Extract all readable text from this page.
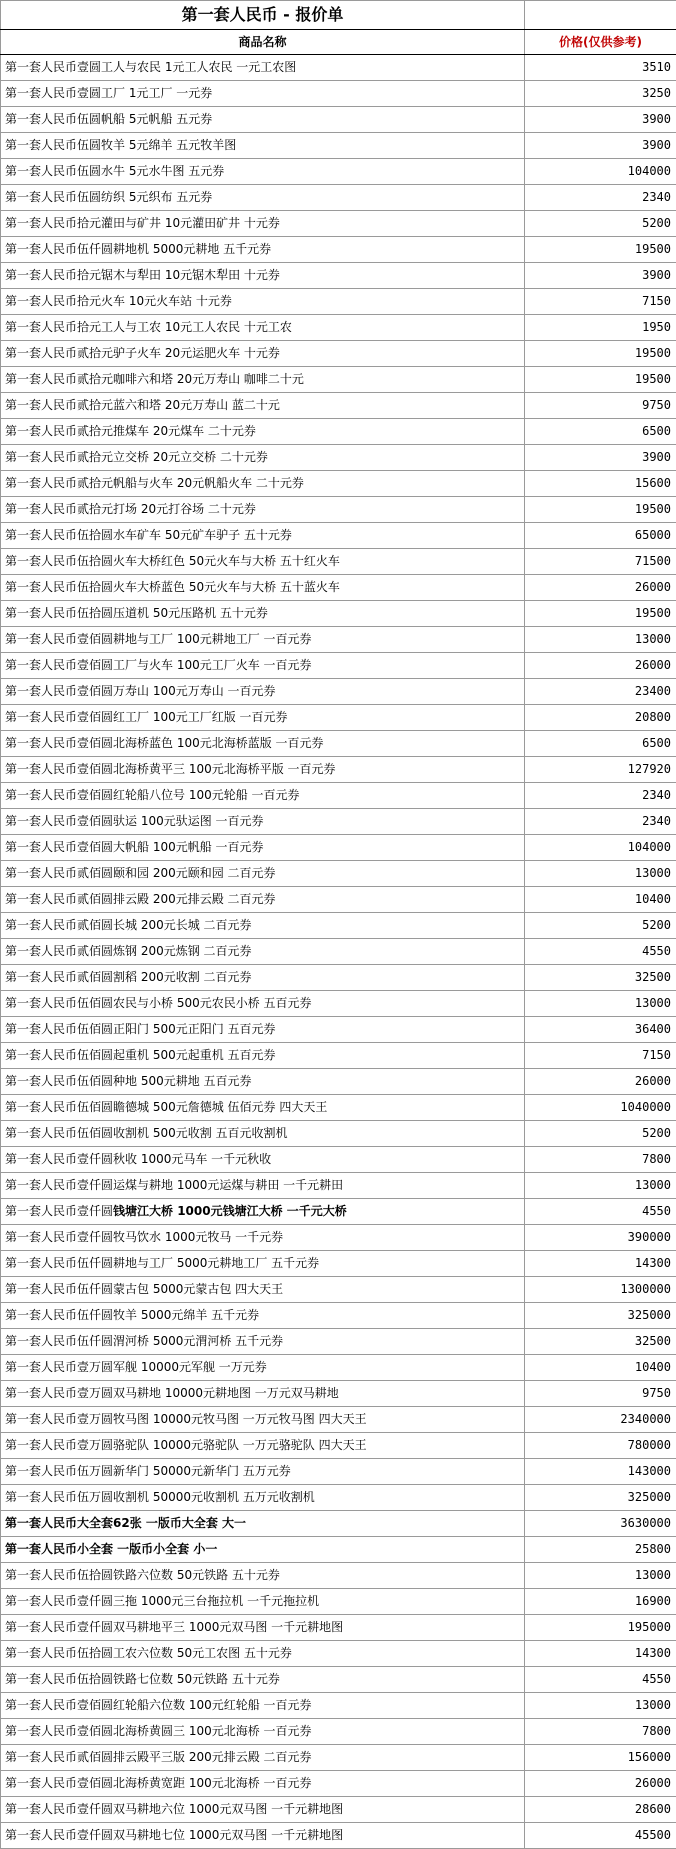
第一套人民币 - 报价单	
商品名称	价格(仅供参考)
第一套人民币壹圆工人与农民 1元工人农民 一元工农图	3510
第一套人民币壹圆工厂 1元工厂 一元券	3250
第一套人民币伍圆帆船 5元帆船 五元券	3900
第一套人民币伍圆牧羊 5元绵羊 五元牧羊图	3900
第一套人民币伍圆水牛 5元水牛图 五元券	104000
第一套人民币伍圆纺织 5元织布 五元券	2340
第一套人民币拾元灌田与矿井 10元灌田矿井 十元券	5200
第一套人民币伍仟圆耕地机 5000元耕地 五千元券	19500
第一套人民币拾元锯木与犁田 10元锯木犁田 十元券	3900
第一套人民币拾元火车 10元火车站 十元券	7150
第一套人民币拾元工人与工农 10元工人农民 十元工农	1950
第一套人民币贰拾元驴子火车 20元运肥火车 十元券	19500
第一套人民币贰拾元咖啡六和塔 20元万寿山 咖啡二十元	19500
第一套人民币贰拾元蓝六和塔 20元万寿山 蓝二十元	9750
第一套人民币贰拾元推煤车 20元煤车 二十元券	6500
第一套人民币贰拾元立交桥 20元立交桥 二十元券	3900
第一套人民币贰拾元帆船与火车 20元帆船火车 二十元券	15600
第一套人民币贰拾元打场 20元打谷场 二十元券	19500
第一套人民币伍拾圆水车矿车 50元矿车驴子 五十元券	65000
第一套人民币伍拾圆火车大桥红色 50元火车与大桥 五十红火车	71500
第一套人民币伍拾圆火车大桥蓝色 50元火车与大桥 五十蓝火车	26000
第一套人民币伍拾圆压道机 50元压路机 五十元券	19500
第一套人民币壹佰圆耕地与工厂 100元耕地工厂 一百元券	13000
第一套人民币壹佰圆工厂与火车 100元工厂火车 一百元券	26000
第一套人民币壹佰圆万寿山 100元万寿山 一百元券	23400
第一套人民币壹佰圆红工厂 100元工厂红版 一百元券	20800
第一套人民币壹佰圆北海桥蓝色 100元北海桥蓝版 一百元券	6500
第一套人民币壹佰圆北海桥黄平三 100元北海桥平版 一百元券	127920
第一套人民币壹佰圆红轮船八位号 100元轮船 一百元券	2340
第一套人民币壹佰圆驮运 100元驮运图 一百元券	2340
第一套人民币壹佰圆大帆船 100元帆船 一百元券	104000
第一套人民币贰佰圆颐和园 200元颐和园 二百元券	13000
第一套人民币贰佰圆排云殿 200元排云殿 二百元券	10400
第一套人民币贰佰圆长城 200元长城 二百元券	5200
第一套人民币贰佰圆炼钢 200元炼钢 二百元券	4550
第一套人民币贰佰圆割稻 200元收割 二百元券	32500
第一套人民币伍佰圆农民与小桥 500元农民小桥 五百元券	13000
第一套人民币伍佰圆正阳门 500元正阳门 五百元券	36400
第一套人民币伍佰圆起重机 500元起重机 五百元券	7150
第一套人民币伍佰圆种地 500元耕地 五百元券	26000
第一套人民币伍佰圆瞻德城 500元詹德城 伍佰元券 四大天王	1040000
第一套人民币伍佰圆收割机 500元收割 五百元收割机	5200
第一套人民币壹仟圆秋收 1000元马车 一千元秋收	7800
第一套人民币壹仟圆运煤与耕地 1000元运煤与耕田 一千元耕田	13000
第一套人民币壹仟圆钱塘江大桥 1000元钱塘江大桥 一千元大桥	4550
第一套人民币壹仟圆牧马饮水 1000元牧马 一千元券	390000
第一套人民币伍仟圆耕地与工厂 5000元耕地工厂 五千元券	14300
第一套人民币伍仟圆蒙古包 5000元蒙古包 四大天王	1300000
第一套人民币伍仟圆牧羊 5000元绵羊 五千元券	325000
第一套人民币伍仟圆渭河桥 5000元渭河桥 五千元券	32500
第一套人民币壹万圆军舰 10000元军舰 一万元券	10400
第一套人民币壹万圆双马耕地 10000元耕地图 一万元双马耕地	9750
第一套人民币壹万圆牧马图 10000元牧马图 一万元牧马图 四大天王	2340000
第一套人民币壹万圆骆驼队 10000元骆驼队 一万元骆驼队 四大天王	780000
第一套人民币伍万圆新华门 50000元新华门 五万元券	143000
第一套人民币伍万圆收割机 50000元收割机 五万元收割机	325000
第一套人民币大全套62张 一版币大全套 大一	3630000
第一套人民币小全套 一版币小全套 小一	25800
第一套人民币伍拾圆铁路六位数 50元铁路 五十元券	13000
第一套人民币壹仟圆三拖 1000元三台拖拉机 一千元拖拉机	16900
第一套人民币壹仟圆双马耕地平三 1000元双马图 一千元耕地图	195000
第一套人民币伍拾圆工农六位数 50元工农图 五十元券	14300
第一套人民币伍拾圆铁路七位数 50元铁路 五十元券	4550
第一套人民币壹佰圆红轮船六位数 100元红轮船 一百元券	13000
第一套人民币壹佰圆北海桥黄圆三 100元北海桥 一百元券	7800
第一套人民币贰佰圆排云殿平三版 200元排云殿 二百元券	156000
第一套人民币壹佰圆北海桥黄宽距 100元北海桥 一百元券	26000
第一套人民币壹仟圆双马耕地六位 1000元双马图 一千元耕地图	28600
第一套人民币壹仟圆双马耕地七位 1000元双马图 一千元耕地图	45500
